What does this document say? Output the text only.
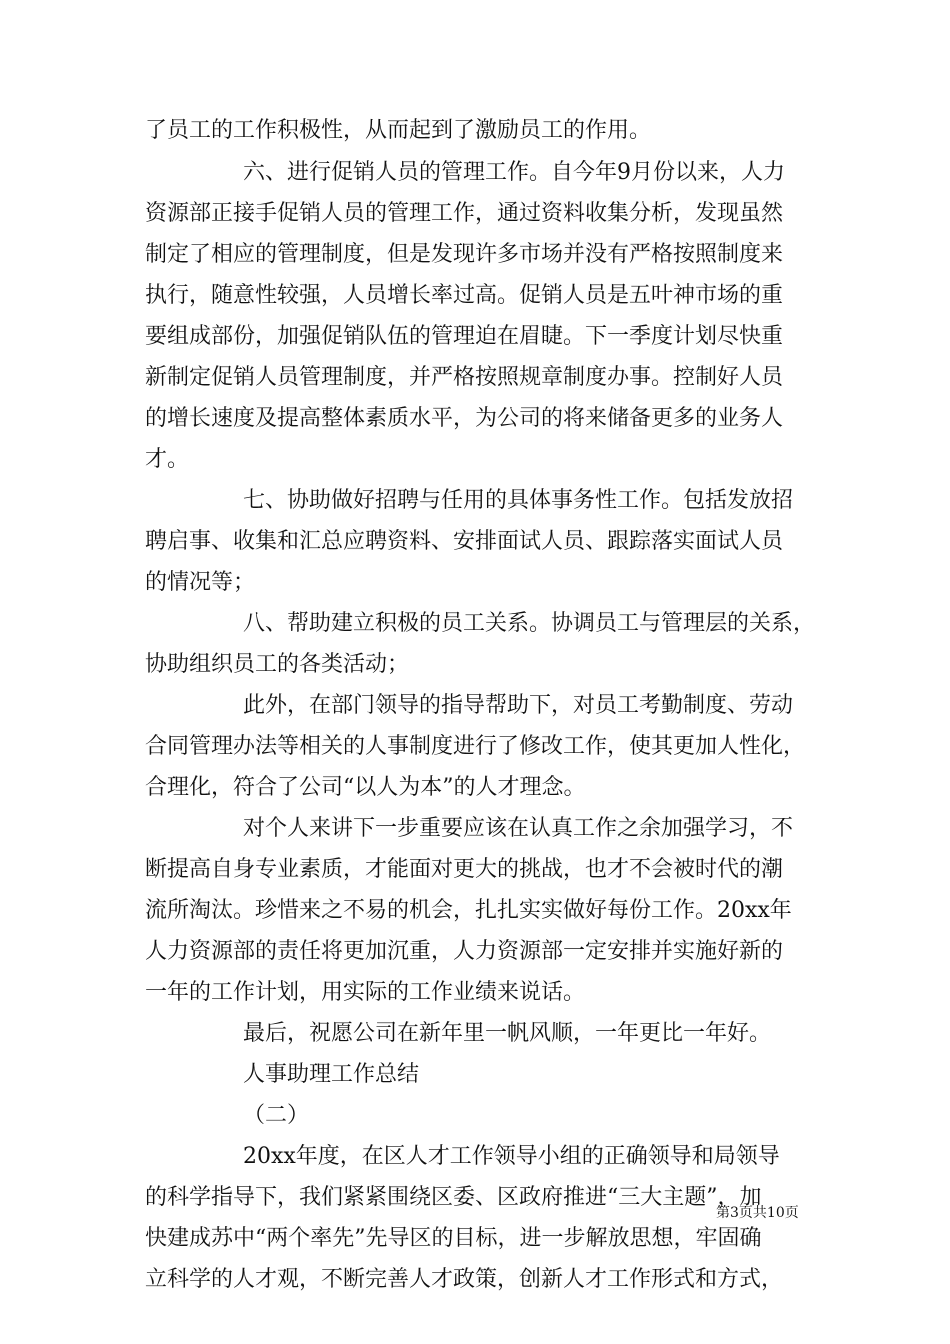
了员工的工作积极性，从而起到了激励员工的作用。
六、进行促销人员的管理工作。自今年9月份以来，人力
资源部正接手促销人员的管理工作，通过资料收集分析，发现虽然
制定了相应的管理制度，但是发现许多市场并没有严格按照制度来
执行，随意性较强，人员增长率过高。促销人员是五叶神市场的重
要组成部份，加强促销队伍的管理迫在眉睫。下一季度计划尽快重
新制定促销人员管理制度，并严格按照规章制度办事。控制好人员
的增长速度及提高整体素质水平，为公司的将来储备更多的业务人
才。
七、协助做好招聘与任用的具体事务性工作。包括发放招
聘启事、收集和汇总应聘资料、安排面试人员、跟踪落实面试人员
的情况等；
八、帮助建立积极的员工关系。协调员工与管理层的关系，
协助组织员工的各类活动；
此外，在部门领导的指导帮助下，对员工考勤制度、劳动
合同管理办法等相关的人事制度进行了修改工作，使其更加人性化，
合理化，符合了公司“以人为本”的人才理念。
对个人来讲下一步重要应该在认真工作之余加强学习，不
断提高自身专业素质，才能面对更大的挑战，也才不会被时代的潮
流所淘汰。珍惜来之不易的机会，扎扎实实做好每份工作。20xx年
人力资源部的责任将更加沉重，人力资源部一定安排并实施好新的
一年的工作计划，用实际的工作业绩来说话。
最后，祝愿公司在新年里一帆风顺，一年更比一年好。
人事助理工作总结
（二）
20xx年度，在区人才工作领导小组的正确领导和局领导
的科学指导下，我们紧紧围绕区委、区政府推进“三大主题”，加
快建成苏中“两个率先”先导区的目标，进一步解放思想，牢固确
立科学的人才观，不断完善人才政策，创新人才工作形式和方式，
第3页共10页
